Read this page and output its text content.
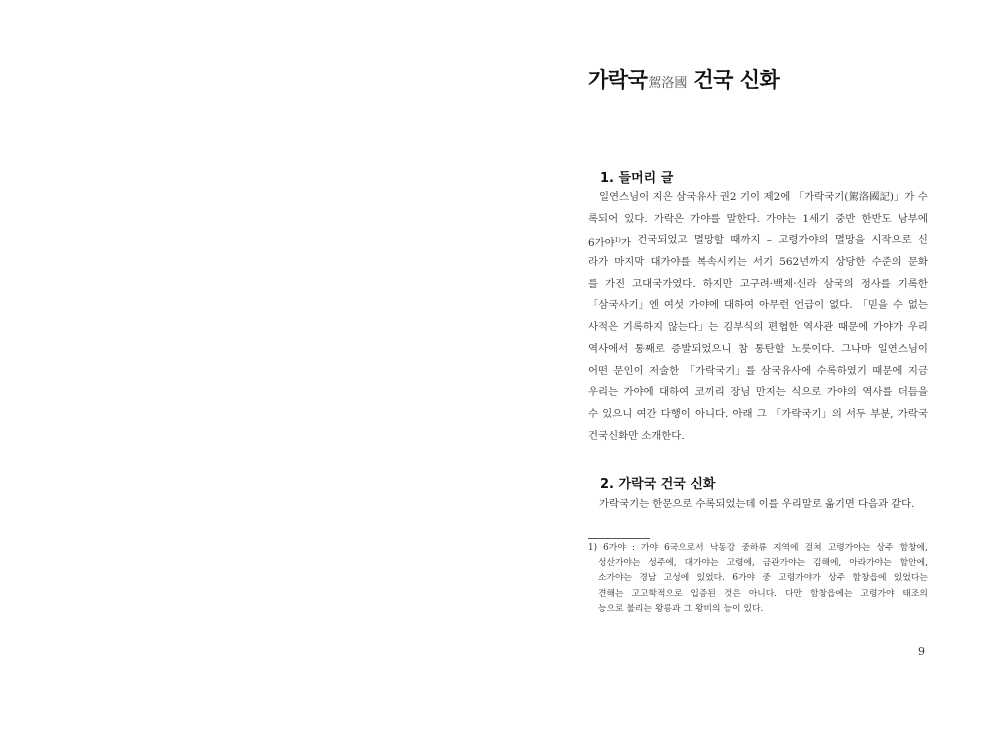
가락국駕洛國 건국 신화
1. 들머리 글
일연스님이 지은 삼국유사 권2 기이 제2에 「가락국기(駕洛國記)」가 수
록되어 있다. 가락은 가야를 말한다. 가야는 1세기 중반 한반도 남부에
6가야$^{1)}$가 건국되었고 멸망할 때까지 – 고령가야의 멸망을 시작으로 신
라가 마지막 대가야를 복속시키는 서기 562년까지 상당한 수준의 문화
를 가진 고대국가였다. 하지만 고구려·백제·신라 삼국의 정사를 기록한
「삼국사기」엔 여섯 가야에 대하여 아무런 언급이 없다. 「믿을 수 없는
사적은 기록하지 않는다」는 김부식의 편협한 역사관 때문에 가야가 우리
역사에서 통째로 증발되었으니 참 통탄할 노릇이다. 그나마 일연스님이
어떤 문인이 저술한 「가락국기」를 삼국유사에 수록하였기 때문에 지금
우리는 가야에 대하여 코끼리 장님 만지는 식으로 가야의 역사를 더듬을
수 있으니 여간 다행이 아니다. 아래 그 「가락국기」의 서두 부분, 가락국
건국신화만 소개한다.
2. 가락국 건국 신화
가락국기는 한문으로 수록되었는데 이를 우리말로 옮기면 다음과 같다.
1) 6가야 : 가야 6국으로서 낙동강 중하류 지역에 걸쳐 고령가야는 상주 함창에,
성산가야는 성주에, 대가야는 고령에, 금관가야는 김해에, 아라가야는 함안에,
소가야는 경남 고성에 있었다. 6가야 중 고령가야가 상주 함창읍에 있었다는
견해는 고고학적으로 입증된 것은 아니다. 다만 함창읍에는 고령가야 태조의
능으로 불리는 왕릉과 그 왕비의 능이 있다.
9
